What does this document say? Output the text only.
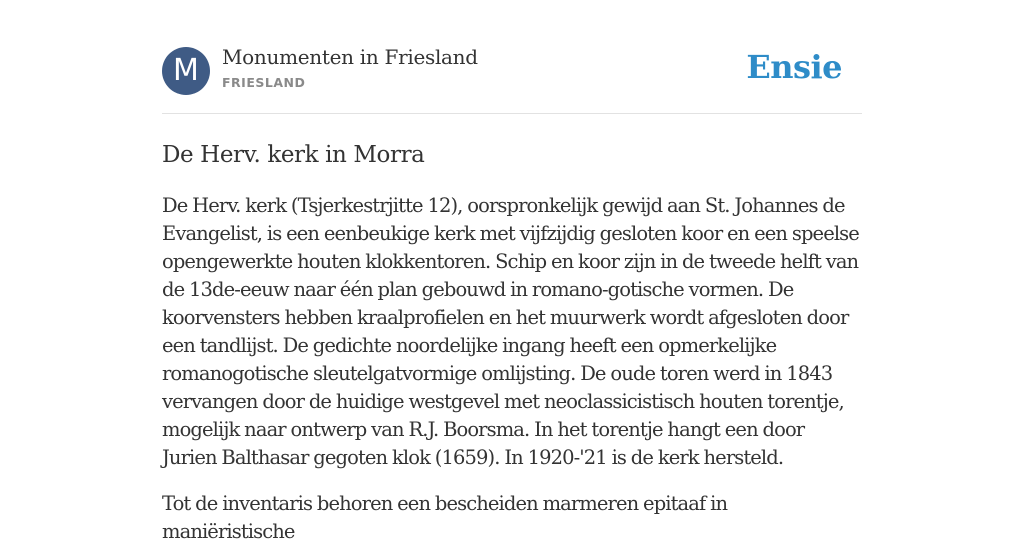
M	Monumenten in Friesland
FRIESLAND	Ensie
De Herv. kerk in Morra

De Herv. kerk (Tsjerkestrjitte 12), oorspronkelijk gewijd aan St. Johannes de Evangelist, is een eenbeukige kerk met vijfzijdig gesloten koor en een speelse opengewerkte houten klokkentoren. Schip en koor zijn in de tweede helft van de 13de-eeuw naar één plan gebouwd in romano-gotische vormen. De koorvensters hebben kraalprofielen en het muurwerk wordt afgesloten door een tandlijst. De gedichte noordelijke ingang heeft een opmerkelijke romanogotische sleutelgatvormige omlijsting. De oude toren werd in 1843 vervangen door de huidige westgevel met neoclassicistisch houten torentje, mogelijk naar ontwerp van R.J. Boorsma. In het torentje hangt een door Jurien Balthasar gegoten klok (1659). In 1920-'21 is de kerk hersteld.

Tot de inventaris behoren een bescheiden marmeren epitaaf in maniëristische
